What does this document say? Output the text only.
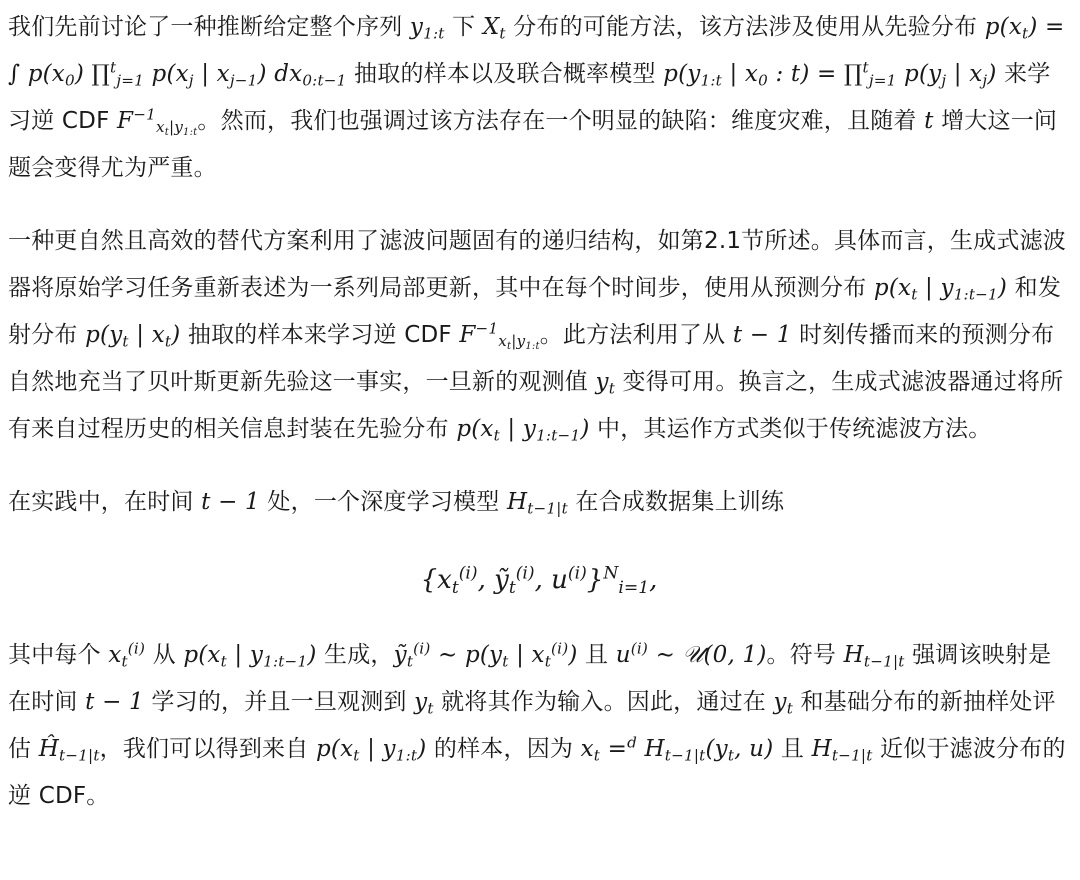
我们先前讨论了一种推断给定整个序列 $y_{1:t}$ 下 $X_t$ 分布的可能方法，该方法涉及使用从先验分布 $p(x_t)$ = ∫ $p(x_0)$ ∏$^t_{j=1}$ $p(x_j$ | $x_{j-1}$) $dx_{0:t-1}$ 抽取的样本以及联合概率模型 $p(y_{1:t}$ | $x_0$ : t) = ∏$^t_{j=1}$ $p(y_j$ | $x_j$) 来学习逆 CDF $F^{-1}_{x_t|y_{1:t}}$。然而，我们也强调过该方法存在一个明显的缺陷：维度灾难，且随着 t 增大这一问题会变得尤为严重。

一种更自然且高效的替代方案利用了滤波问题固有的递归结构，如第2.1节所述。具体而言，生成式滤波器将原始学习任务重新表述为一系列局部更新，其中在每个时间步，使用从预测分布 $p(x_t$ | $y_{1:t-1}$) 和发射分布 $p(y_t$ | $x_t$) 抽取的样本来学习逆 CDF $F^{-1}_{x_t|y_{1:t}}$。此方法利用了从 t − 1 时刻传播而来的预测分布自然地充当了贝叶斯更新先验这一事实，一旦新的观测值 $y_t$ 变得可用。换言之，生成式滤波器通过将所有来自过程历史的相关信息封装在先验分布 $p(x_t$ | $y_{1:t-1}$) 中，其运作方式类似于传统滤波方法。

在实践中，在时间 t − 1 处，一个深度学习模型 $H_{t-1|t}$ 在合成数据集上训练

{$x_t^{(i)}$, ỹ$_t^{(i)}$, $u^{(i)}\}^N_{i=1}$,

其中每个 $x_t^{(i)}$ 从 $p(x_t$ | $y_{1:t-1}$) 生成，ỹ$_t^{(i)}$ ∼ $p(y_t$ | $x_t^{(i)}$) 且 $u^{(i)}$ ∼ 𝒰(0, 1)。符号 $H_{t-1|t}$ 强调该映射是在时间 t − 1 学习的，并且一旦观测到 $y_t$ 就将其作为输入。因此，通过在 $y_t$ 和基础分布的新抽样处评估 $Ĥ_{t-1|t}$，我们可以得到来自 $p(x_t$ | $y_{1:t}$) 的样本，因为 $x_t =^d$ $H_{t-1|t}(y_t$, u) 且 $H_{t-1|t}$ 近似于滤波分布的逆 CDF。
